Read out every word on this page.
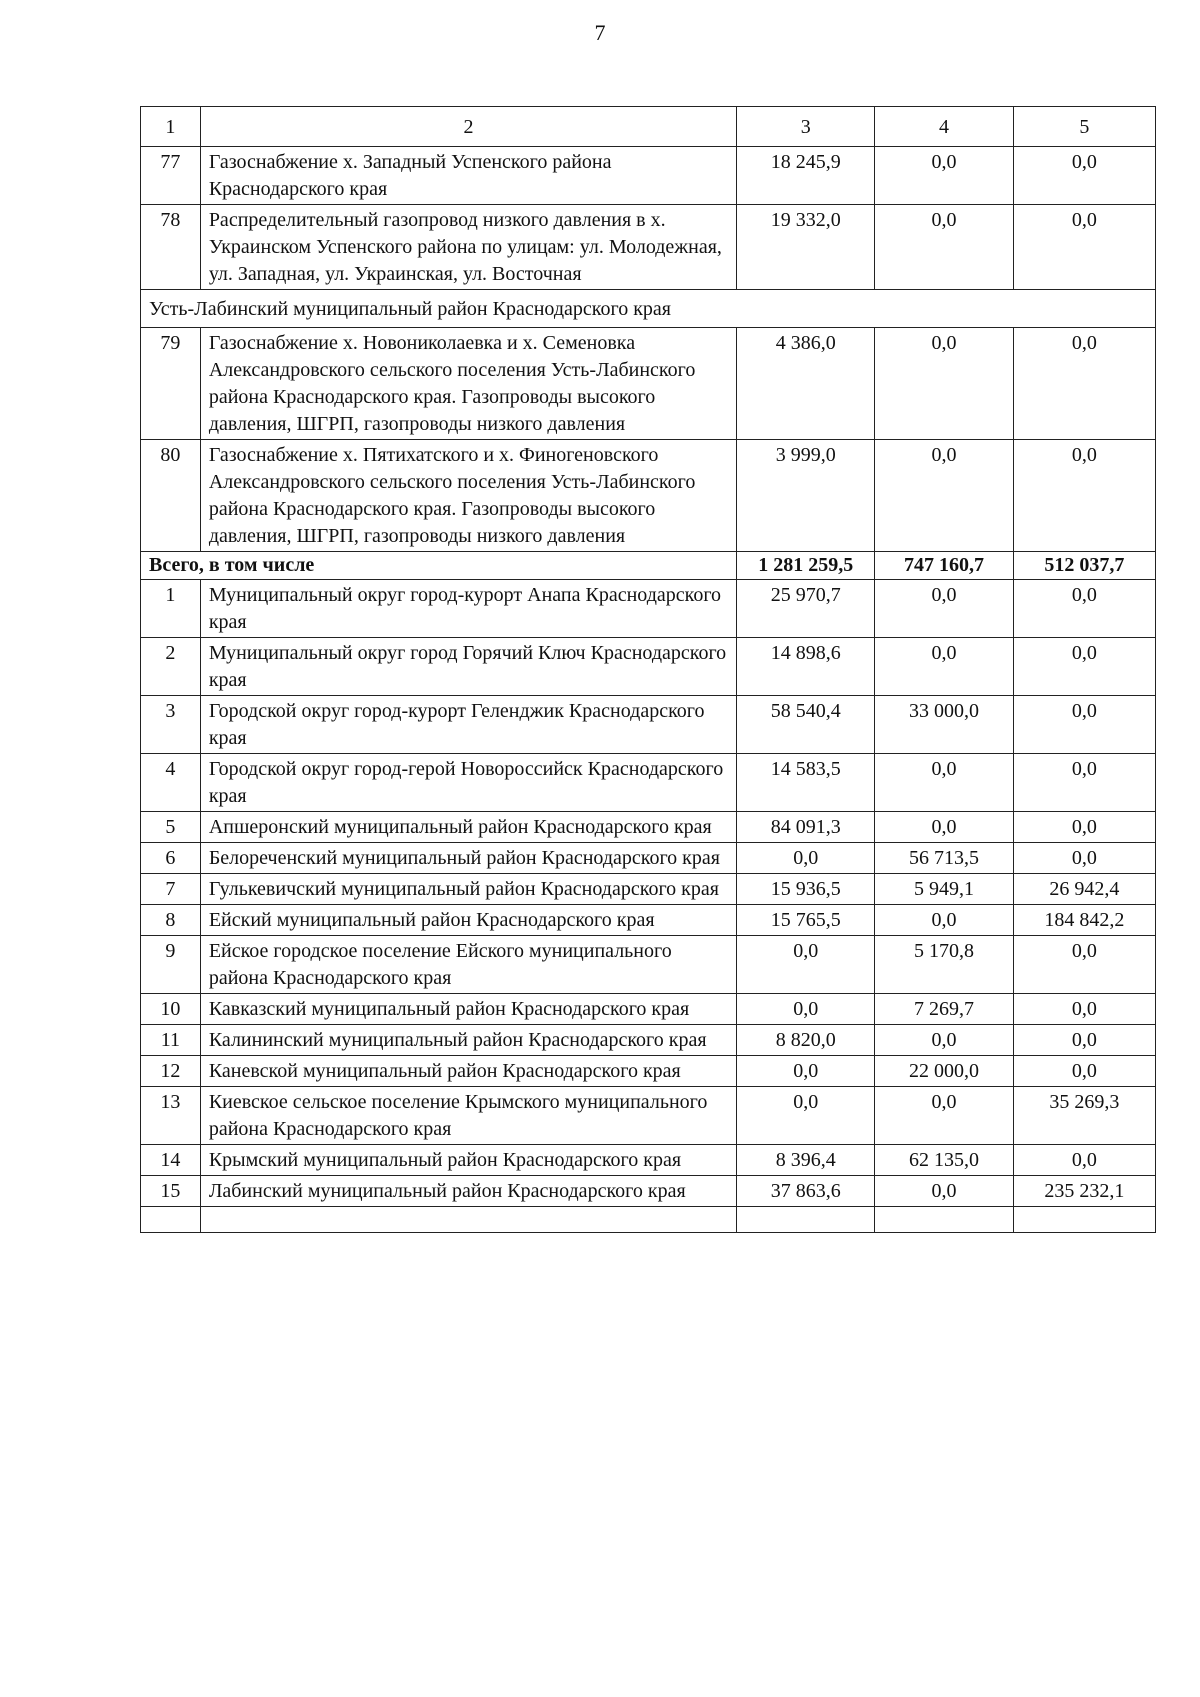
7
1	2	3	4	5
77	Газоснабжение х. Западный Успенского района Краснодарского края	18 245,9	0,0	0,0
78	Распределительный газопровод низкого давления в х. Украинском Успенского района по улицам: ул. Молодежная, ул. Западная, ул. Украинская, ул. Восточная	19 332,0	0,0	0,0
Усть-Лабинский муниципальный район Краснодарского края				
79	Газоснабжение х. Новониколаевка и х. Семеновка Александровского сельского поселения Усть-Лабинского района Краснодарского края. Газопроводы высокого давления, ШГРП, газопроводы низкого давления	4 386,0	0,0	0,0
80	Газоснабжение х. Пятихатского и х. Финогеновского Александровского сельского поселения Усть-Лабинского района Краснодарского края. Газопроводы высокого давления, ШГРП, газопроводы низкого давления	3 999,0	0,0	0,0
Всего, в том числе		1 281 259,5	747 160,7	512 037,7
1	Муниципальный округ город-курорт Анапа Краснодарского края	25 970,7	0,0	0,0
2	Муниципальный округ город Горячий Ключ Краснодарского края	14 898,6	0,0	0,0
3	Городской округ город-курорт Геленджик Краснодарского края	58 540,4	33 000,0	0,0
4	Городской округ город-герой Новороссийск Краснодарского края	14 583,5	0,0	0,0
5	Апшеронский муниципальный район Краснодарского края	84 091,3	0,0	0,0
6	Белореченский муниципальный район Краснодарского края	0,0	56 713,5	0,0
7	Гулькевичский муниципальный район Краснодарского края	15 936,5	5 949,1	26 942,4
8	Ейский муниципальный район Краснодарского края	15 765,5	0,0	184 842,2
9	Ейское городское поселение Ейского муниципального района Краснодарского края	0,0	5 170,8	0,0
10	Кавказский муниципальный район Краснодарского края	0,0	7 269,7	0,0
11	Калининский муниципальный район Краснодарского края	8 820,0	0,0	0,0
12	Каневской муниципальный район Краснодарского края	0,0	22 000,0	0,0
13	Киевское сельское поселение Крымского муниципального района Краснодарского края	0,0	0,0	35 269,3
14	Крымский муниципальный район Краснодарского края	8 396,4	62 135,0	0,0
15	Лабинский муниципальный район Краснодарского края	37 863,6	0,0	235 232,1
